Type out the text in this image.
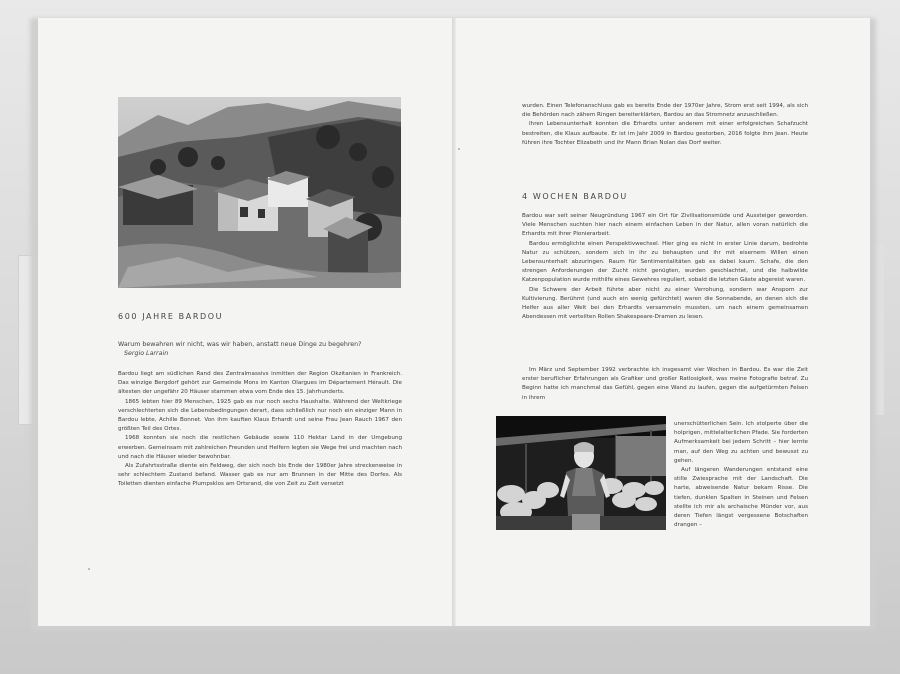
600 JAHRE BARDOU
Warum bewahren wir nicht, was wir haben, anstatt neue Dinge zu begehren?
Sergio Larrain

Bardou liegt am südlichen Rand des Zentralmassivs inmitten der Region Okzitanien in Frankreich. Das winzige Bergdorf gehört zur Gemeinde Mons im Kanton Olargues im Département Hérault. Die ältesten der ungefähr 20 Häuser stammen etwa vom Ende des 15. Jahrhunderts.

1865 lebten hier 89 Menschen, 1925 gab es nur noch sechs Haushalte. Während der Weltkriege verschlechterten sich die Lebensbedingungen derart, dass schließlich nur noch ein einziger Mann in Bardou lebte, Achille Bonnet. Von ihm kauften Klaus Erhardt und seine Frau Jean Rauch 1967 den größten Teil des Ortes.

1968 konnten sie noch die restlichen Gebäude sowie 110 Hektar Land in der Umgebung erwerben. Gemeinsam mit zahlreichen Freunden und Helfern legten sie Wege frei und machten nach und nach die Häuser wieder bewohnbar.

Als Zufahrtsstraße diente ein Feldweg, der sich noch bis Ende der 1980er Jahre streckenweise in sehr schlechtem Zustand befand. Wasser gab es nur am Brunnen in der Mitte des Dorfes. Als Toiletten dienten einfache Plumpsklos am Ortsrand, die von Zeit zu Zeit versetzt

wurden. Einen Telefonanschluss gab es bereits Ende der 1970er Jahre, Strom erst seit 1994, als sich die Behörden nach zähem Ringen bereiterklärten, Bardou an das Stromnetz anzuschließen.

Ihren Lebensunterhalt konnten die Erhardts unter anderem mit einer erfolgreichen Schafzucht bestreiten, die Klaus aufbaute. Er ist im Jahr 2009 in Bardou gestorben, 2016 folgte ihm Jean. Heute führen ihre Tochter Elizabeth und ihr Mann Brian Nolan das Dorf weiter.

4 WOCHEN BARDOU

Bardou war seit seiner Neugründung 1967 ein Ort für Zivilisationsmüde und Aussteiger geworden. Viele Menschen suchten hier nach einem einfachen Leben in der Natur, allen voran natürlich die Erhardts mit ihrer Pionierarbeit.

Bardou ermöglichte einen Perspektivwechsel. Hier ging es nicht in erster Linie darum, bedrohte Natur zu schützen, sondern sich in ihr zu behaupten und ihr mit eisernem Willen einen Lebensunterhalt abzuringen. Raum für Sentimentalitäten gab es dabei kaum. Schafe, die den strengen Anforderungen der Zucht nicht genügten, wurden geschlachtet, und die halbwilde Katzenpopulation wurde mithilfe eines Gewehres reguliert, sobald die letzten Gäste abgereist waren.

Die Schwere der Arbeit führte aber nicht zu einer Verrohung, sondern war Ansporn zur Kultivierung. Berühmt (und auch ein wenig gefürchtet) waren die Sonnabende, an denen sich die Helfer aus aller Welt bei den Erhardts versammeln mussten, um nach einem gemeinsamen Abendessen mit verteilten Rollen Shakespeare-Dramen zu lesen.

Im März und September 1992 verbrachte ich insgesamt vier Wochen in Bardou. Es war die Zeit erster beruflicher Erfahrungen als Grafiker und großer Ratlosigkeit, was meine Fotografie betraf. Zu Beginn hatte ich manchmal das Gefühl, gegen eine Wand zu laufen, gegen die aufgetürmten Felsen in ihrem

Auf längeren Wanderungen entstand eine stille Zwiesprache mit der Landschaft. Die harte, abweisende Natur bekam Risse. Die tiefen, dunklen Spalten in Steinen und Felsen stellte ich mir als archaische Münder vor, aus deren Tiefen längst vergessene Botschaften drangen –

unerschütterlichen Sein. Ich stolperte über die holprigen, mittelalterlichen Pfade. Sie forderten Aufmerksamkeit bei jedem Schritt – hier lernte man, auf den Weg zu achten und bewusst zu gehen.
